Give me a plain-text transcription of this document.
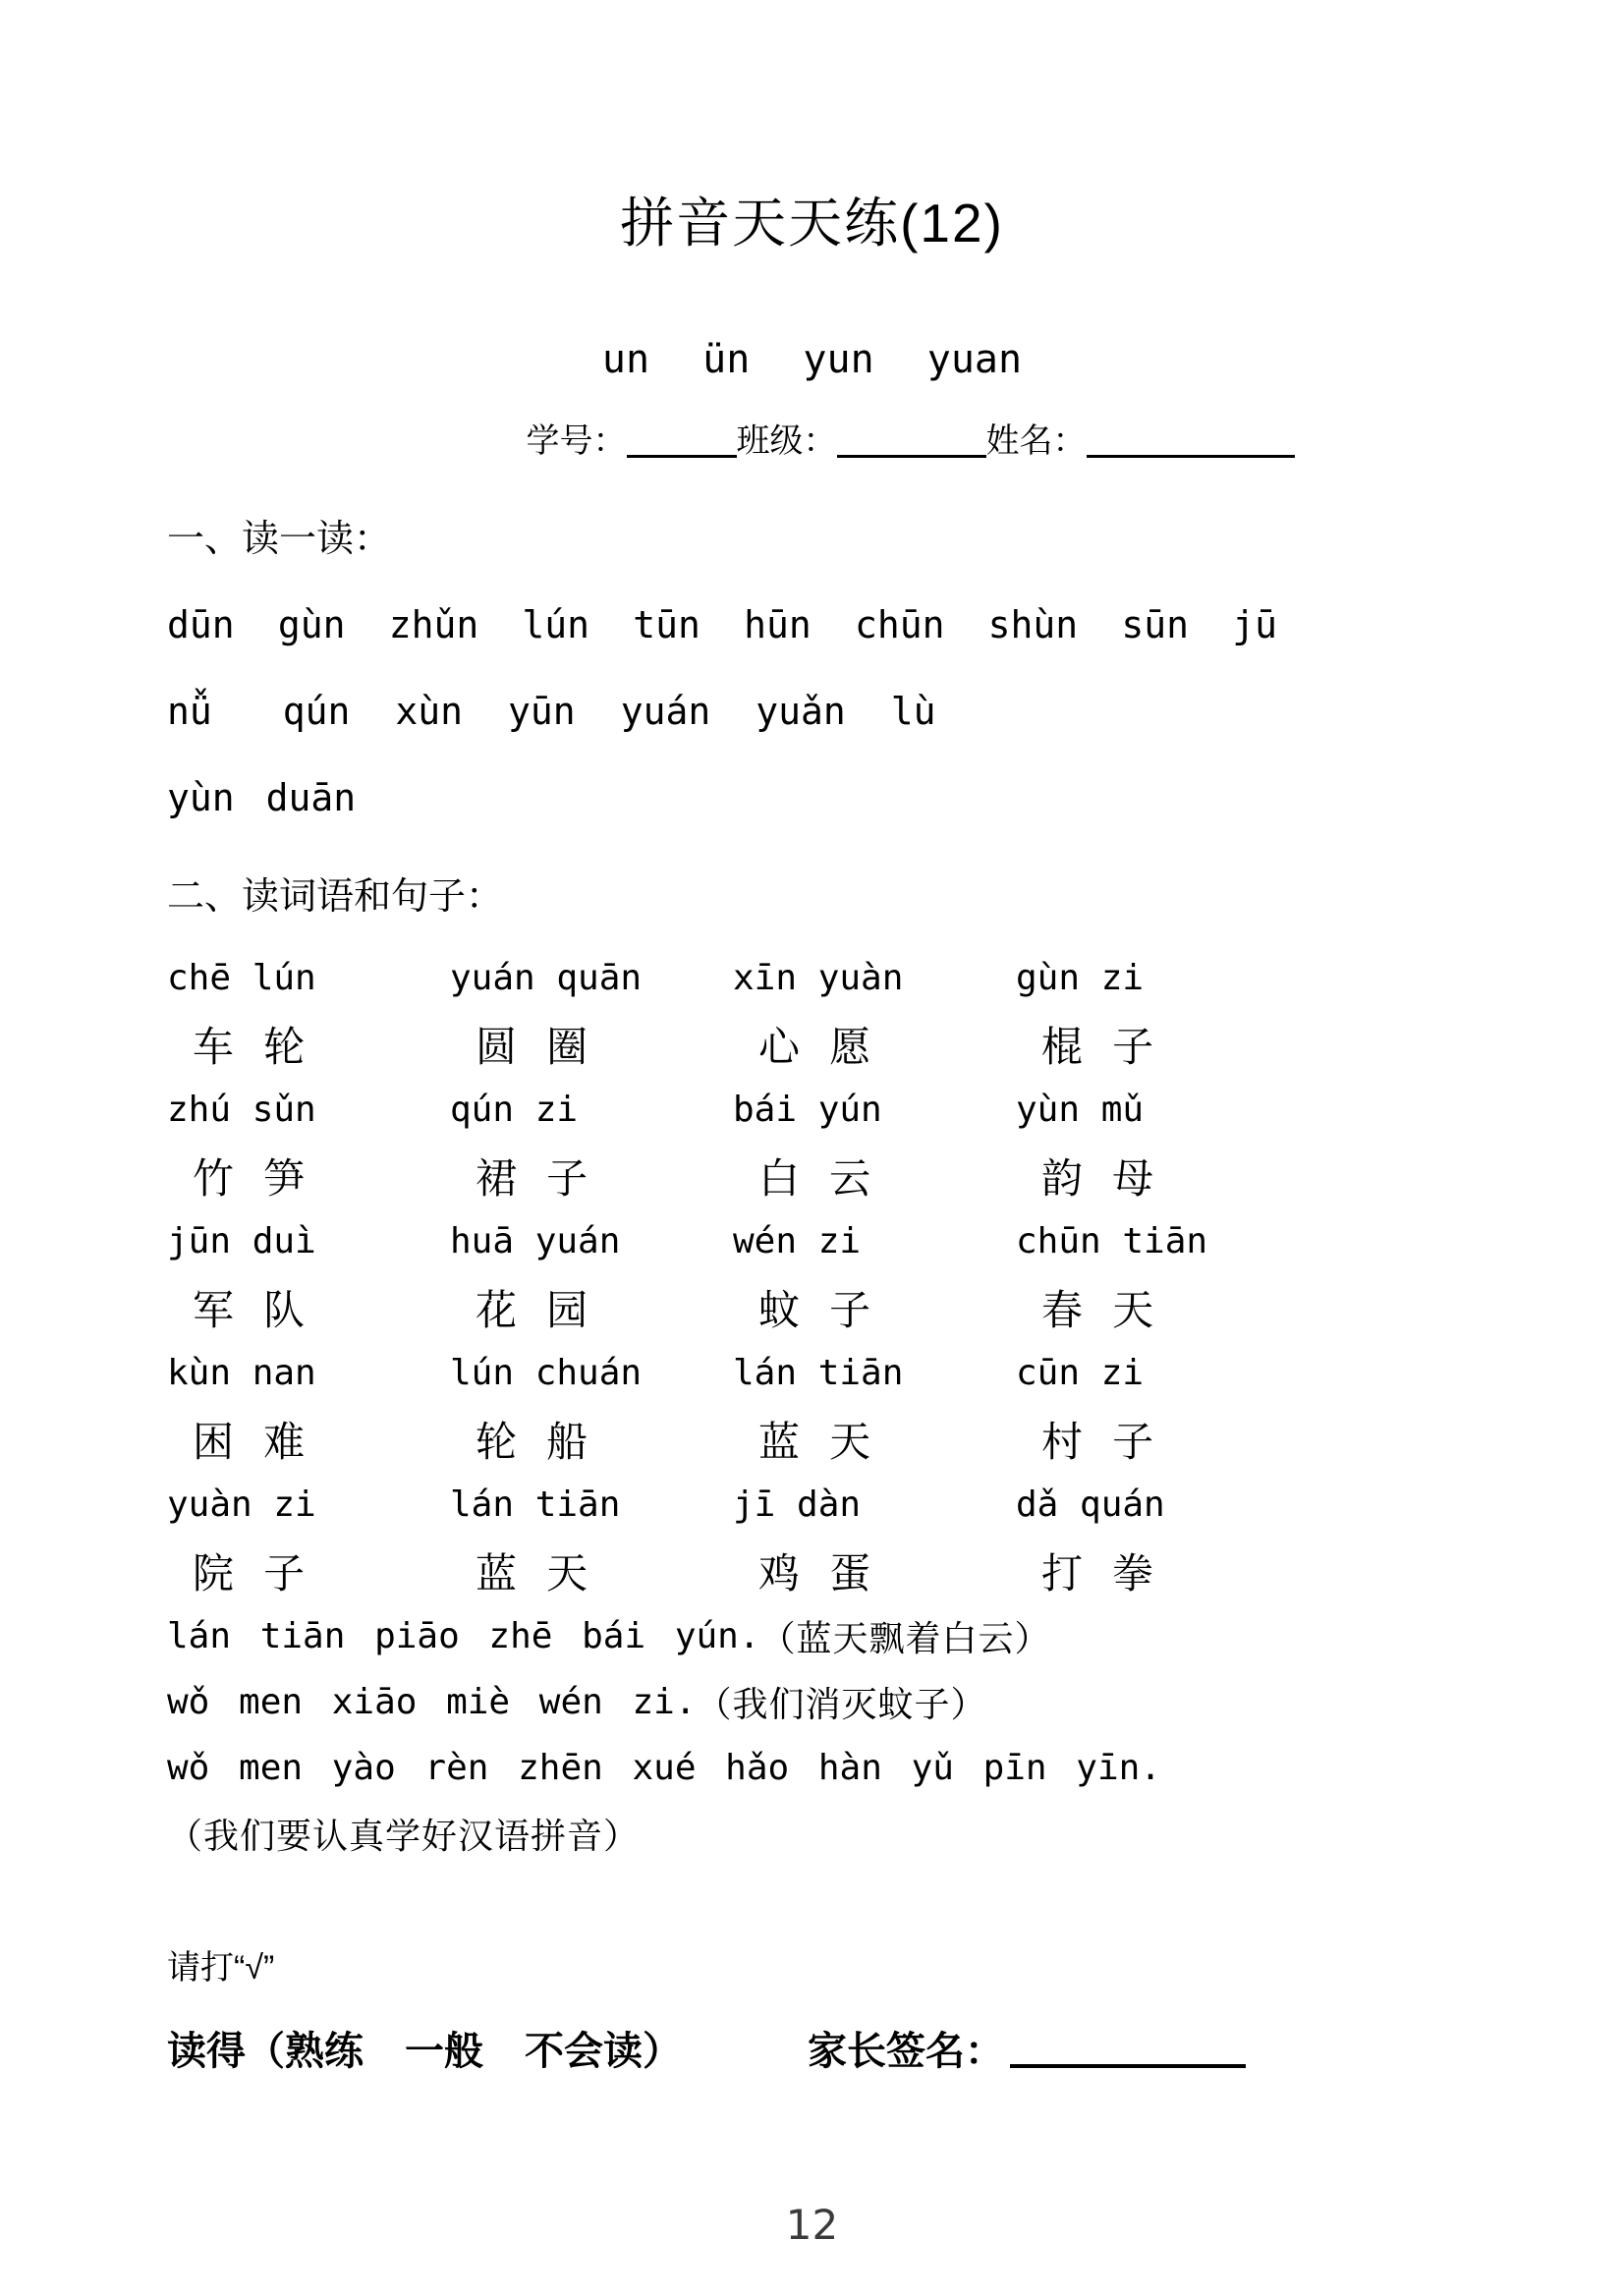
拼音天天练(12)
un ün yun yuan
学号：	班级：	姓名：
一、读一读：
dūn gùn zhǔn lún tūn hūn chūn shùn sūn jū
nǚ qún xùn yūn yuán yuǎn lù
yùn duān
二、读词语和句子：
chē lún	yuán quān	xīn yuàn	gùn zi
车 轮	圆 圈	心 愿	棍 子
zhú sǔn	qún zi	bái yún	yùn mǔ
竹 笋	裙 子	白 云	韵 母
jūn duì	huā yuán	wén zi	chūn tiān
军 队	花 园	蚊 子	春 天
kùn nan	lún chuán	lán tiān	cūn zi
困 难	轮 船	蓝 天	村 子
yuàn zi	lán tiān	jī dàn	dǎ quán
院 子	蓝 天	鸡 蛋	打 拳
lán tiān piāo zhē bái yún. （蓝天飘着白云）
wǒ men xiāo miè wén zi. （我们消灭蚊子）
wǒ men yào rèn zhēn xué hǎo hàn yǔ pīn yīn.
（我们要认真学好汉语拼音）
请打“√”
读得（熟练 一般 不会读）	家长签名：
12
